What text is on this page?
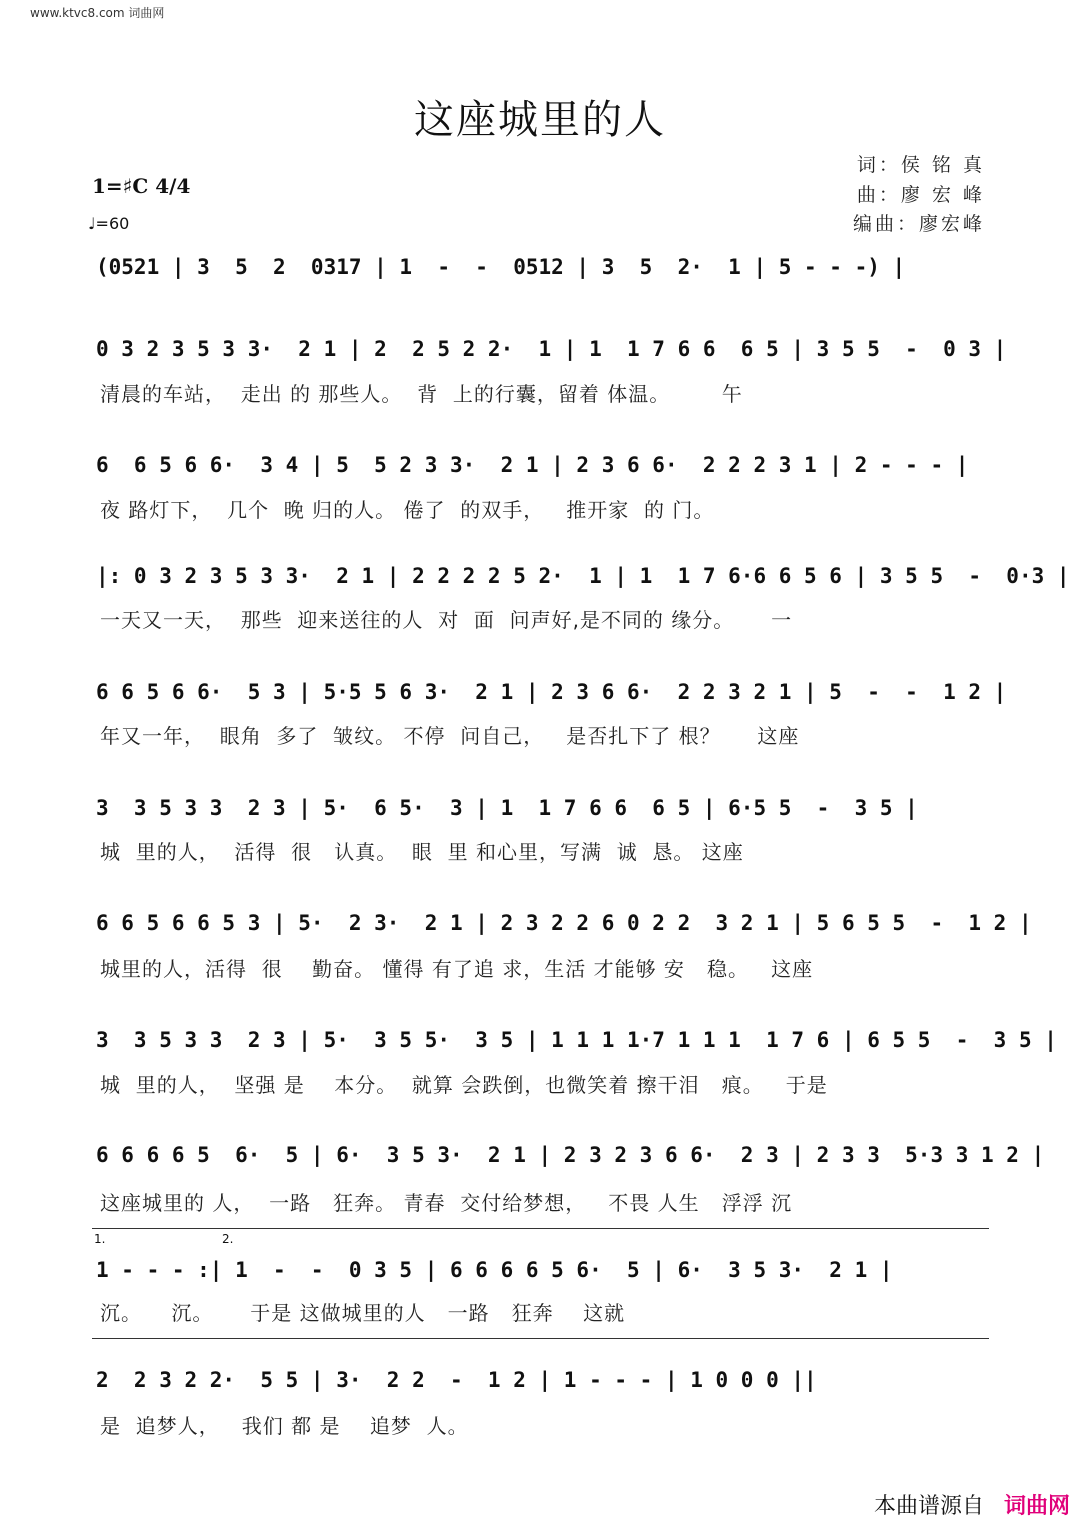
www.ktvc8.com 词曲网
这座城里的人
词：侯 铭 真
曲：廖 宏 峰
编曲：廖宏峰
1=♯C 4/4
♩=60
(0521 | 3  5  2  0317 | 1  -  -  0512 | 3  5  2·  1 | 5 - - -) |
0 3 2 3 5 3 3·  2 1 | 2  2 5 2 2·  1 | 1  1 7 6 6  6 5 | 3 5 5  -  0 3 |
清晨的车站，  走出 的 那些人。  背  上的行囊，留着 体温。       午
6  6 5 6 6·  3 4 | 5  5 2 3 3·  2 1 | 2 3 6 6·  2 2 2 3 1 | 2 - - - |
夜 路灯下，  几个  晚 归的人。 倦了  的双手，   推开家  的 门。
|: 0 3 2 3 5 3 3·  2 1 | 2 2 2 2 5 2·  1 | 1  1 7 6·6 6 5 6 | 3 5 5  -  0·3 |
一天又一天，  那些  迎来送往的人  对  面  问声好,是不同的 缘分。     一
6 6 5 6 6·  5 3 | 5·5 5 6 3·  2 1 | 2 3 6 6·  2 2 3 2 1 | 5  -  -  1 2 |
年又一年，  眼角  多了  皱纹。 不停  问自己，   是否扎下了 根？     这座
3  3 5 3 3  2 3 | 5·  6 5·  3 | 1  1 7 6 6  6 5 | 6·5 5  -  3 5 |
城  里的人，  活得  很   认真。  眼  里 和心里，写满  诚  恳。 这座
6 6 5 6 6 5 3 | 5·  2 3·  2 1 | 2 3 2 2 6 0 2 2  3 2 1 | 5 6 5 5  -  1 2 |
城里的人，活得  很    勤奋。 懂得 有了追 求，生活 才能够 安   稳。   这座
3  3 5 3 3  2 3 | 5·  3 5 5·  3 5 | 1 1 1 1·7 1 1 1  1 7 6 | 6 5 5  -  3 5 |
城  里的人，  坚强 是    本分。  就算 会跌倒，也微笑着 擦干泪   痕。   于是
6 6 6 6 5  6·  5 | 6·  3 5 3·  2 1 | 2 3 2 3 6 6·  2 3 | 2 3 3  5·3 3 1 2 |
这座城里的 人，  一路   狂奔。 青春  交付给梦想，   不畏 人生   浮浮 沉
1.	2.
1 - - - :| 1  -  -  0 3 5 | 6 6 6 6 5 6·  5 | 6·  3 5 3·  2 1 |
沉。    沉。     于是 这做城里的人   一路   狂奔    这就
2  2 3 2 2·  5 5 | 3·  2 2  -  1 2 | 1 - - - | 1 0 0 0 ||
是  追梦人，   我们 都 是    追梦  人。
本曲谱源自 词曲网
